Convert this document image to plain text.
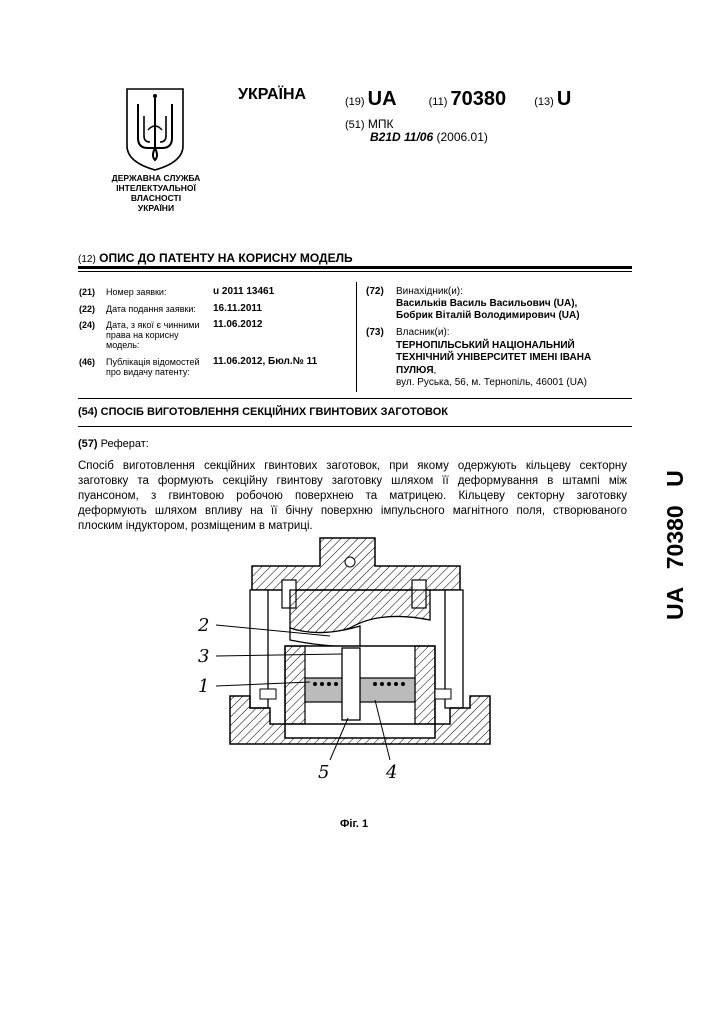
ДЕРЖАВНА СЛУЖБА
ІНТЕЛЕКТУАЛЬНОЇ
ВЛАСНОСТІ
УКРАЇНИ
УКРАЇНА	(19) UA	(11) 70380	(13) U
(51) МПК
B21D 11/06 (2006.01)
(12) ОПИС ДО ПАТЕНТУ НА КОРИСНУ МОДЕЛЬ
(21) Номер заявки:	u 2011 13461
(22) Дата подання заявки: 16.11.2011
(24) Дата, з якої є чинними
права на корисну
модель:
11.06.2012
(46) Публікація відомостей
про видачу патенту:
11.06.2012, Бюл.№ 11
(72) Винахідник(и):
Васильків Василь Васильович (UA),
Бобрик Віталій Володимирович (UA)
(73) Власник(и):
ТЕРНОПІЛЬСЬКИЙ НАЦІОНАЛЬНИЙ
ТЕХНІЧНИЙ УНІВЕРСИТЕТ ІМЕНІ ІВАНА
ПУЛЮЯ,
вул. Руська, 56, м. Тернопіль, 46001 (UA)
(54) СПОСІБ ВИГОТОВЛЕННЯ СЕКЦІЙНИХ ГВИНТОВИХ ЗАГОТОВОК
(57) Реферат:
Спосіб виготовлення секційних гвинтових заготовок, при якому одержують кільцеву секторну
заготовку та формують секційну гвинтову заготовку шляхом її деформування в штампі між
пуансоном, з гвинтовою робочою поверхнею та матрицею. Кільцеву секторну заготовку
деформують шляхом впливу на її бічну поверхню імпульсного магнітного поля, створюваного
плоским індуктором, розміщеним в матриці.
UA 70380 U
2
3
1
5	4
Фіг. 1
